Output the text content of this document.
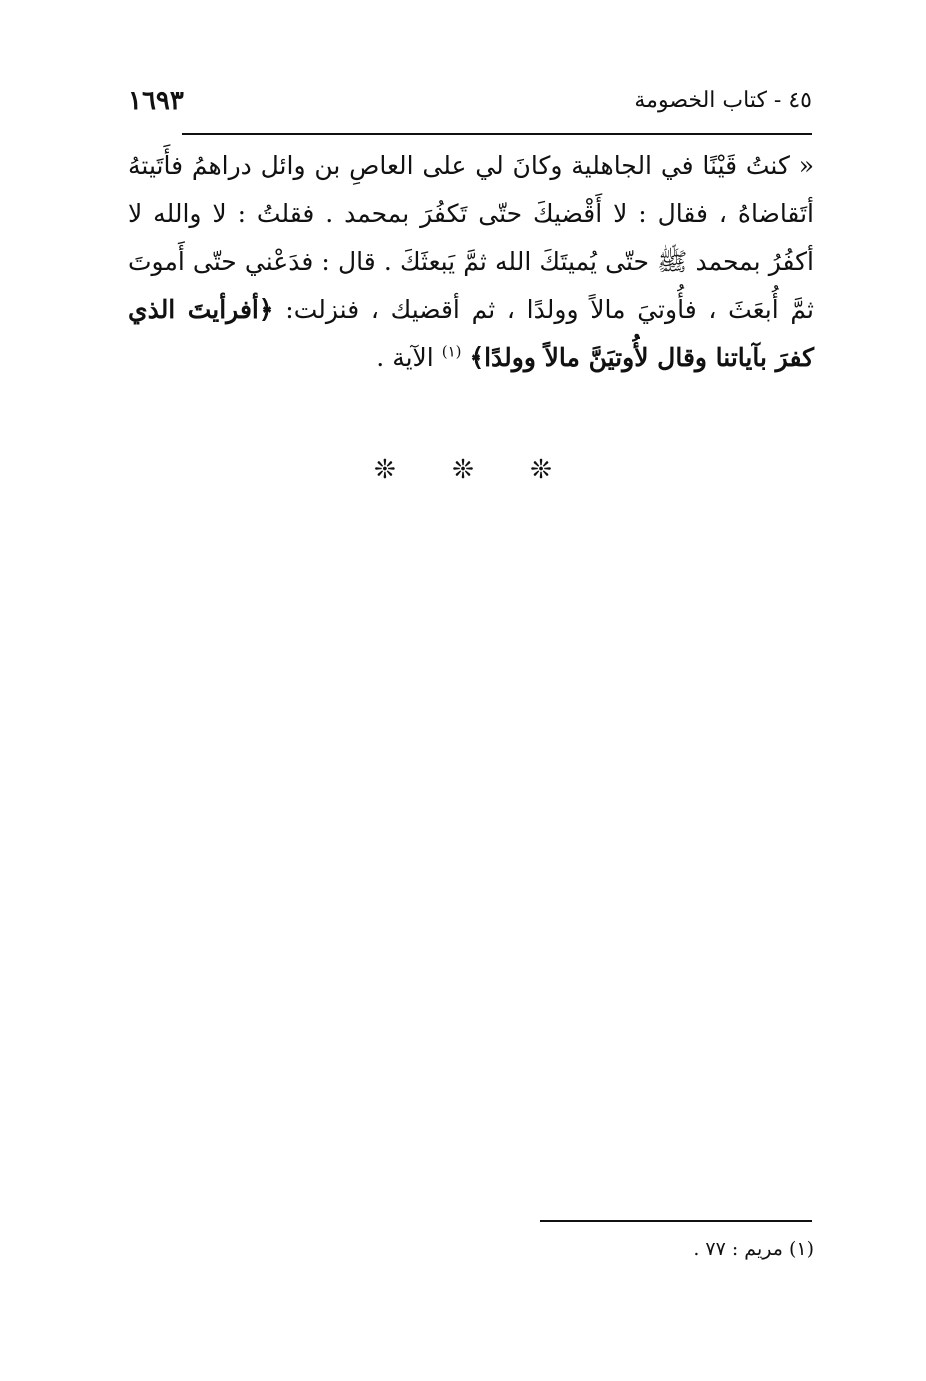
١٦٩٣	٤٥ - كتاب الخصومة
« كنتُ قَيْنًا في الجاهلية وكانَ لي على العاصِ بن وائل دراهمُ فأَتَيتهُ أتَقاضاهُ ، فقال : لا أَقْضيكَ حتّى تَكفُرَ بمحمد . فقلتُ : لا والله لا أكفُرُ بمحمد ﷺ حتّى يُميتَكَ الله ثمَّ يَبعثَكَ . قال : فدَعْني حتّى أَموتَ ثمَّ أُبعَثَ ، فأُوتيَ مالاً وولدًا ، ثم أقضيك ، فنزلت: ﴿أفرأيتَ الذي كفرَ بآياتنا وقال لأُوتيَنَّ مالاً وولدًا﴾ $^{(١)}$ الآية .
❊ ❊ ❊
(١) مريم : ٧٧ .
